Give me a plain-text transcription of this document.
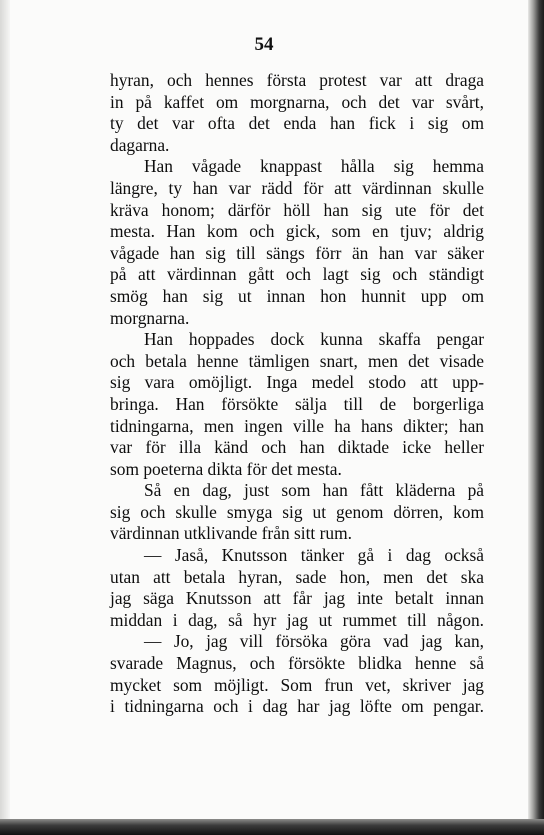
54
hyran, och hennes första protest var att draga
in på kaffet om morgnarna, och det var svårt,
ty det var ofta det enda han fick i sig om
dagarna.
Han vågade knappast hålla sig hemma
längre, ty han var rädd för att värdinnan skulle
kräva honom; därför höll han sig ute för det
mesta. Han kom och gick, som en tjuv; aldrig
vågade han sig till sängs förr än han var säker
på att värdinnan gått och lagt sig och ständigt
smög han sig ut innan hon hunnit upp om
morgnarna.
Han hoppades dock kunna skaffa pengar
och betala henne tämligen snart, men det visade
sig vara omöjligt. Inga medel stodo att upp-
bringa. Han försökte sälja till de borgerliga
tidningarna, men ingen ville ha hans dikter; han
var för illa känd och han diktade icke heller
som poeterna dikta för det mesta.
Så en dag, just som han fått kläderna på
sig och skulle smyga sig ut genom dörren, kom
värdinnan utklivande från sitt rum.
— Jaså, Knutsson tänker gå i dag också
utan att betala hyran, sade hon, men det ska
jag säga Knutsson att får jag inte betalt innan
middan i dag, så hyr jag ut rummet till någon.
— Jo, jag vill försöka göra vad jag kan,
svarade Magnus, och försökte blidka henne så
mycket som möjligt. Som frun vet, skriver jag
i tidningarna och i dag har jag löfte om pengar.
